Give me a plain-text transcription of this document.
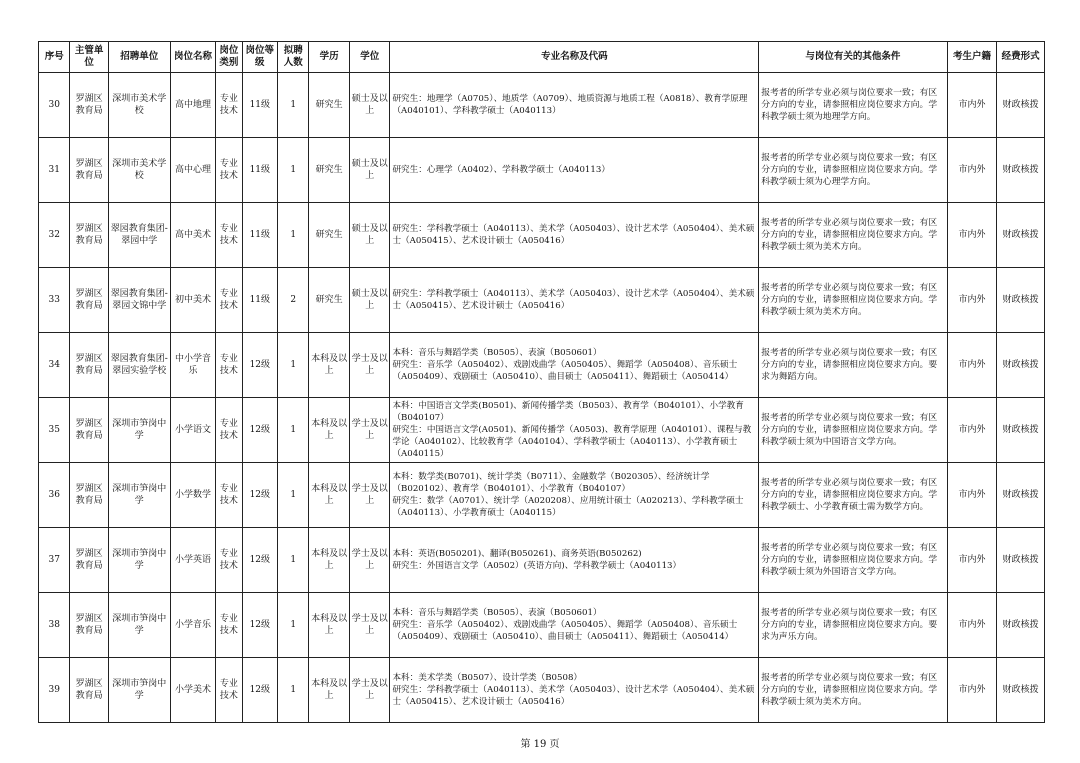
序号	主管单位	招聘单位	岗位名称	岗位类别	岗位等级	拟聘人数	学历	学位	专业名称及代码	与岗位有关的其他条件	考生户籍	经费形式
30	罗湖区教育局	深圳市美术学校	高中地理	专业技术	11级	1	研究生	硕士及以上	研究生：地理学（A0705）、地质学（A0709）、地质资源与地质工程（A0818）、教育学原理（A040101）、学科教学硕士（A040113）	报考者的所学专业必须与岗位要求一致；有区分方向的专业，请参照相应岗位要求方向。学科教学硕士须为地理学方向。	市内外	财政核拨
31	罗湖区教育局	深圳市美术学校	高中心理	专业技术	11级	1	研究生	硕士及以上	研究生：心理学（A0402）、学科教学硕士（A040113）	报考者的所学专业必须与岗位要求一致；有区分方向的专业，请参照相应岗位要求方向。学科教学硕士须为心理学方向。	市内外	财政核拨
32	罗湖区教育局	翠园教育集团-翠园中学	高中美术	专业技术	11级	1	研究生	硕士及以上	研究生：学科教学硕士（A040113）、美术学（A050403）、设计艺术学（A050404）、美术硕士（A050415）、艺术设计硕士（A050416）	报考者的所学专业必须与岗位要求一致；有区分方向的专业，请参照相应岗位要求方向。学科教学硕士须为美术方向。	市内外	财政核拨
33	罗湖区教育局	翠园教育集团-翠园文锦中学	初中美术	专业技术	11级	2	研究生	硕士及以上	研究生：学科教学硕士（A040113）、美术学（A050403）、设计艺术学（A050404）、美术硕士（A050415）、艺术设计硕士（A050416）	报考者的所学专业必须与岗位要求一致；有区分方向的专业，请参照相应岗位要求方向。学科教学硕士须为美术方向。	市内外	财政核拨
34	罗湖区教育局	翠园教育集团-翠园实验学校	中小学音乐	专业技术	12级	1	本科及以上	学士及以上	本科：音乐与舞蹈学类（B0505）、表演（B050601）
研究生：音乐学（A050402）、戏剧戏曲学（A050405）、舞蹈学（A050408）、音乐硕士（A050409）、戏剧硕士（A050410）、曲目硕士（A050411）、舞蹈硕士（A050414）	报考者的所学专业必须与岗位要求一致；有区分方向的专业，请参照相应岗位要求方向。要求为舞蹈方向。	市内外	财政核拨
35	罗湖区教育局	深圳市笋岗中学	小学语文	专业技术	12级	1	本科及以上	学士及以上	本科：中国语言文学类(B0501)、新闻传播学类（B0503）、教育学（B040101）、小学教育（B040107）
研究生：中国语言文学(A0501)、新闻传播学（A0503)、教育学原理（A040101）、课程与教学论（A040102）、比较教育学（A040104）、学科教学硕士（A040113）、小学教育硕士（A040115）	报考者的所学专业必须与岗位要求一致；有区分方向的专业，请参照相应岗位要求方向。学科教学硕士须为中国语言文学方向。	市内外	财政核拨
36	罗湖区教育局	深圳市笋岗中学	小学数学	专业技术	12级	1	本科及以上	学士及以上	本科：数学类(B0701)、统计学类（B0711）、金融数学（B020305）、经济统计学（B020102）、教育学（B040101）、小学教育（B040107）
研究生：数学（A0701）、统计学（A020208）、应用统计硕士（A020213）、学科教学硕士（A040113）、小学教育硕士（A040115）	报考者的所学专业必须与岗位要求一致；有区分方向的专业，请参照相应岗位要求方向。学科教学硕士、小学教育硕士需为数学方向。	市内外	财政核拨
37	罗湖区教育局	深圳市笋岗中学	小学英语	专业技术	12级	1	本科及以上	学士及以上	本科：英语(B050201)、翻译(B050261)、商务英语(B050262)
研究生：外国语言文学（A0502）(英语方向)、学科教学硕士（A040113）	报考者的所学专业必须与岗位要求一致；有区分方向的专业，请参照相应岗位要求方向。学科教学硕士须为外国语言文学方向。	市内外	财政核拨
38	罗湖区教育局	深圳市笋岗中学	小学音乐	专业技术	12级	1	本科及以上	学士及以上	本科：音乐与舞蹈学类（B0505）、表演（B050601）
研究生：音乐学（A050402）、戏剧戏曲学（A050405）、舞蹈学（A050408）、音乐硕士（A050409）、戏剧硕士（A050410）、曲目硕士（A050411）、舞蹈硕士（A050414）	报考者的所学专业必须与岗位要求一致；有区分方向的专业，请参照相应岗位要求方向。要求为声乐方向。	市内外	财政核拨
39	罗湖区教育局	深圳市笋岗中学	小学美术	专业技术	12级	1	本科及以上	学士及以上	本科：美术学类（B0507）、设计学类（B0508）
研究生：学科教学硕士（A040113）、美术学（A050403）、设计艺术学（A050404）、美术硕士（A050415）、艺术设计硕士（A050416）	报考者的所学专业必须与岗位要求一致；有区分方向的专业，请参照相应岗位要求方向。学科教学硕士须为美术方向。	市内外	财政核拨
第 19 页
